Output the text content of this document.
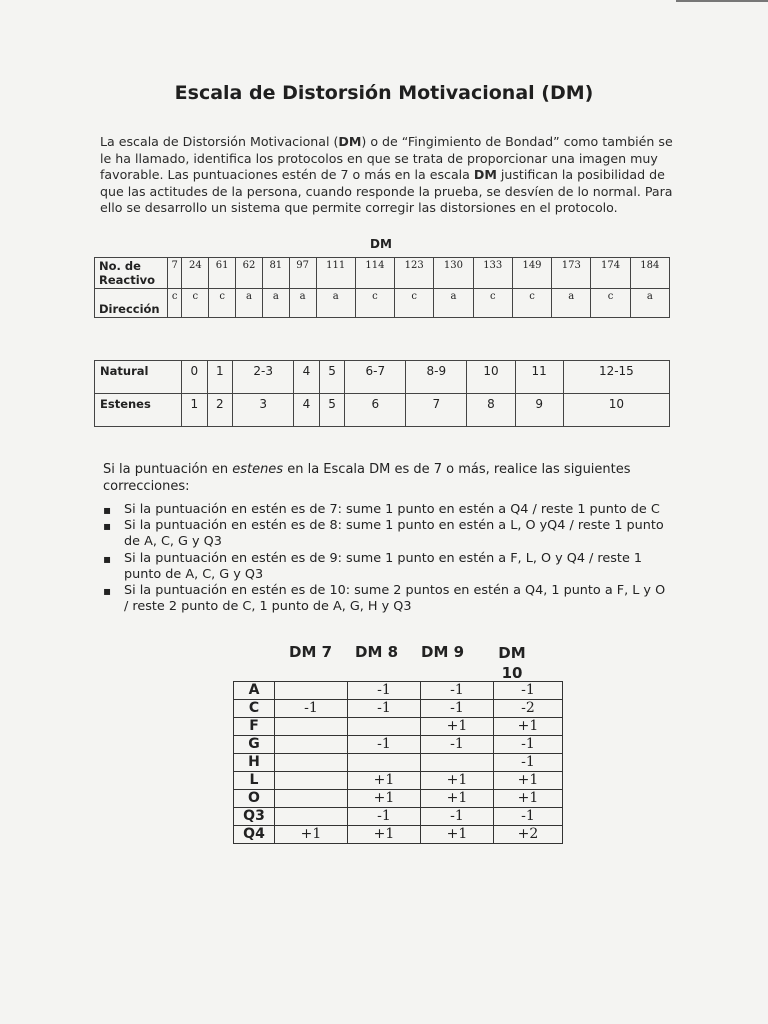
Escala de Distorsión Motivacional (DM)
La escala de Distorsión Motivacional (DM) o de “Fingimiento de Bondad” como también se le ha llamado, identifica los protocolos en que se trata de proporcionar una imagen muy favorable. Las puntuaciones estén de 7 o más en la escala DM justifican la posibilidad de que las actitudes de la persona, cuando responde la prueba, se desvíen de lo normal. Para ello se desarrollo un sistema que permite corregir las distorsiones en el protocolo.
DM
No. de Reactivo	7	24	61	62	81	97	111	114	123	130	133	149	173	174	184

Dirección	c	c	c	a	a	a	a	c	c	a	c	c	a	c	a
Natural	0	1	2-3	4	5	6-7	8-9	10	11	12-15
Estenes	1	2	3	4	5	6	7	8	9	10
Si la puntuación en estenes en la Escala DM es de 7 o más, realice las siguientes correcciones:
▪ Si la puntuación en estén es de 7: sume 1 punto en estén a Q4 / reste 1 punto de C
▪ Si la puntuación en estén es de 8: sume 1 punto en estén a L, O yQ4 / reste 1 punto de A, C, G y Q3
▪ Si la puntuación en estén es de 9: sume 1 punto en estén a F, L, O y Q4 / reste 1 punto de A, C, G y Q3
▪ Si la puntuación en estén es de 10: sume 2 puntos en estén a Q4, 1 punto a F, L y O / reste 2 punto de C, 1 punto de A, G, H y Q3
DM 7 DM 8 DM 9	DM 10
A		-1	-1	-1
C	-1	-1	-1	-2
F			+1	+1
G		-1	-1	-1
H				-1
L		+1	+1	+1
O		+1	+1	+1
Q3		-1	-1	-1
Q4	+1	+1	+1	+2
